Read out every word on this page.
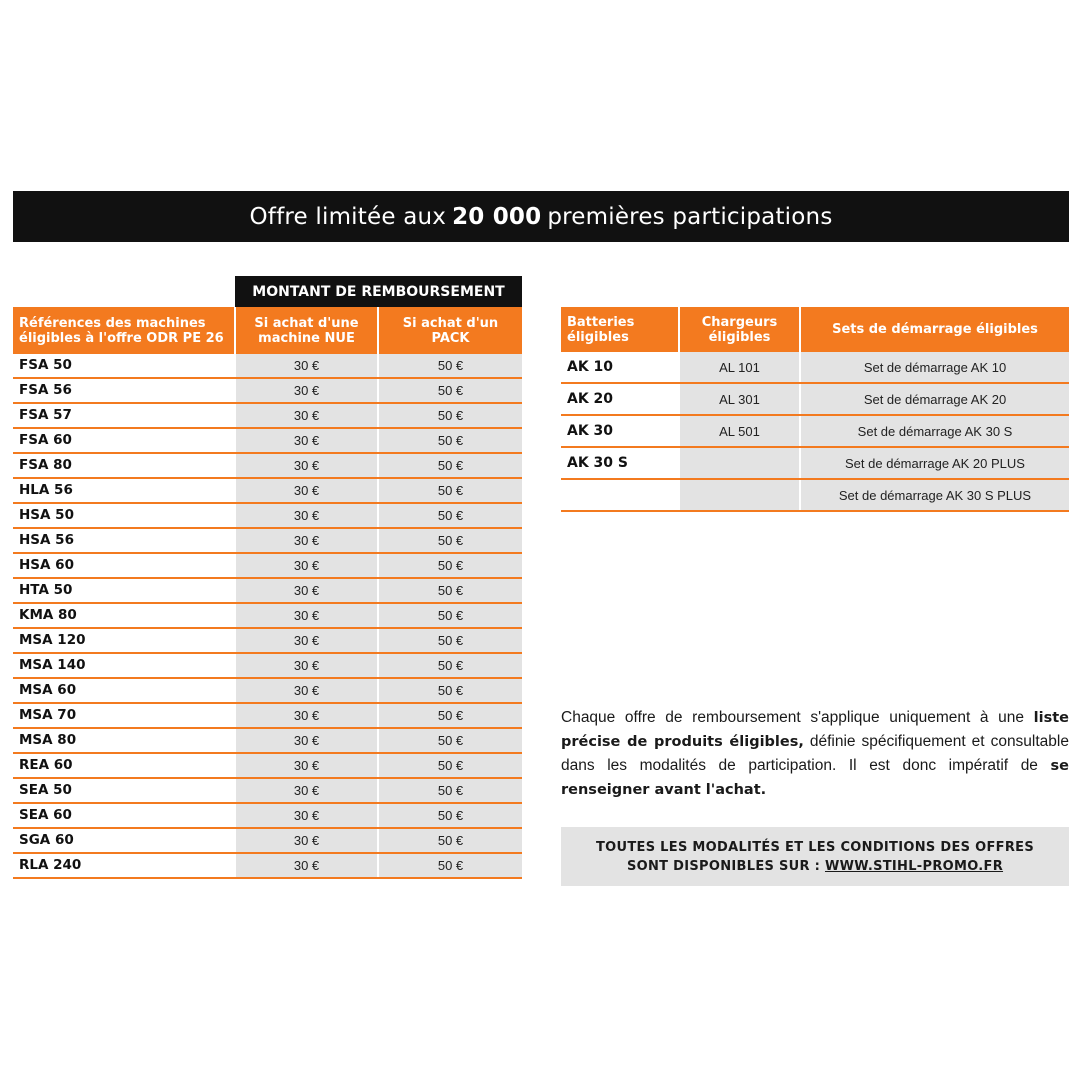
Offre limitée aux 20 000 premières participations
MONTANT DE REMBOURSEMENT
Références des machines éligibles à l'offre ODR PE 26	Si achat d'une machine NUE	Si achat d'un PACK
FSA 50	30 €	50 €
FSA 56	30 €	50 €
FSA 57	30 €	50 €
FSA 60	30 €	50 €
FSA 80	30 €	50 €
HLA 56	30 €	50 €
HSA 50	30 €	50 €
HSA 56	30 €	50 €
HSA 60	30 €	50 €
HTA 50	30 €	50 €
KMA 80	30 €	50 €
MSA 120	30 €	50 €
MSA 140	30 €	50 €
MSA 60	30 €	50 €
MSA 70	30 €	50 €
MSA 80	30 €	50 €
REA 60	30 €	50 €
SEA 50	30 €	50 €
SEA 60	30 €	50 €
SGA 60	30 €	50 €
RLA 240	30 €	50 €
Batteries éligibles	Chargeurs éligibles	Sets de démarrage éligibles
AK 10	AL 101	Set de démarrage AK 10
AK 20	AL 301	Set de démarrage AK 20
AK 30	AL 501	Set de démarrage AK 30 S
AK 30 S		Set de démarrage AK 20 PLUS
		Set de démarrage AK 30 S PLUS
Chaque offre de remboursement s'applique uniquement à une liste précise de produits éligibles, définie spécifiquement et consultable dans les modalités de participation. Il est donc impératif de se renseigner avant l'achat.
TOUTES LES MODALITÉS ET LES CONDITIONS DES OFFRES
SONT DISPONIBLES SUR : WWW.STIHL-PROMO.FR
